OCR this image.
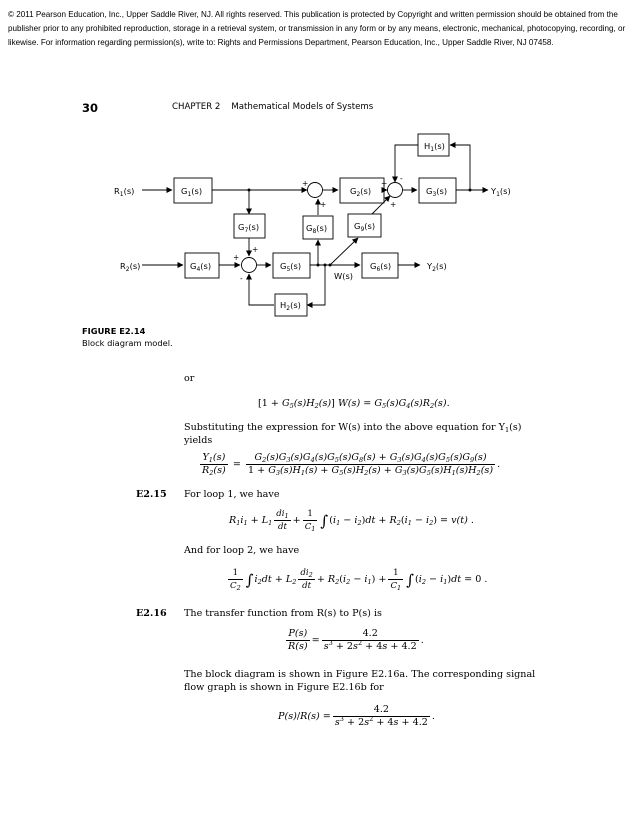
© 2011 Pearson Education, Inc., Upper Saddle River, NJ. All rights reserved. This publication is protected by Copyright and written permission should be obtained from the publisher prior to any prohibited reproduction, storage in a retrieval system, or transmission in any form or by any means, electronic, mechanical, photocopying, recording, or likewise. For information regarding permission(s), write to: Rights and Permissions Department, Pearson Education, Inc., Upper Saddle River, NJ 07458.
30	CHAPTER 2 Mathematical Models of Systems
$R_1(s)$
$R_2(s)$
$Y_1(s)$
$Y_2(s)$
W(s)
$G_1(s)$	$G_2(s)$	$G_3(s)$
$H_1(s)$
$G_7(s)$	$G_8(s)$	$G_9(s)$
$G_4(s)$	$G_5(s)$	$G_6(s)$
$H_2(s)$
+
+
+
-
+
+
+
-
FIGURE E2.14
Block diagram model.
or
$[1 + G_5(s)H_2(s)]$ $W(s) = G_5(s)G_4(s)R_2(s)$.
Substituting the expression for W(s) into the above equation for $Y_1(s)$
yields
$\frac{Y_1(s)}{R_2(s)} = \frac{G_2(s)G_3(s)G_4(s)G_5(s)G_8(s) + G_3(s)G_4(s)G_5(s)G_9(s)}{1 + G_3(s)H_1(s) + G_5(s)H_2(s) + G_3(s)G_5(s)H_1(s)H_2(s)}$ .
E2.15 For loop 1, we have
$R_1i_1 + L_1 \frac{di_1}{dt} + \frac{1}{C_1} \int(i_1 - i_2)dt + R_2(i_1 - i_2) = v(t)$ .
And for loop 2, we have
$\frac{1}{C_2} \int i_2dt + L_2 \frac{di_2}{dt} + R_2(i_2 - i_1) + \frac{1}{C_1} \int(i_2 - i_1)dt = 0$ .
E2.16 The transfer function from R(s) to P(s) is
$\frac{P(s)}{R(s)} = \frac{4.2}{s^3 + 2s^2 + 4s + 4.2}$ .
The block diagram is shown in Figure E2.16a. The corresponding signal
flow graph is shown in Figure E2.16b for
$P(s)/R(s) = \frac{4.2}{s^3 + 2s^2 + 4s + 4.2}$ .
